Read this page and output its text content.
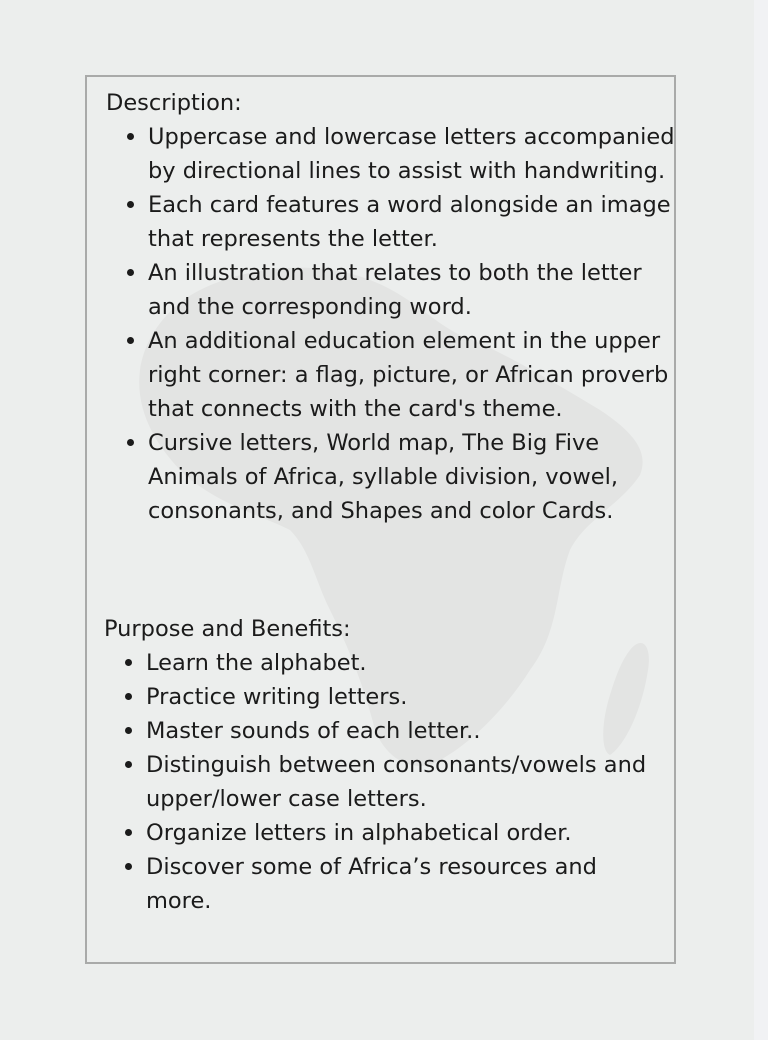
Description:
Uppercase and lowercase letters accompanied by directional lines to assist with handwriting.
Each card features a word alongside an image that represents the letter.
An illustration that relates to both the letter and the corresponding word.
An additional education element in the upper right corner: a flag, picture, or African proverb that connects with the card's theme.
Cursive letters, World map, The Big Five Animals of Africa, syllable division, vowel, consonants, and Shapes and color Cards.
Purpose and Benefits:
Learn the alphabet.
Practice writing letters.
Master sounds of each letter..
Distinguish between consonants/vowels and upper/lower case letters.
Organize letters in alphabetical order.
Discover some of Africa’s resources and more.
